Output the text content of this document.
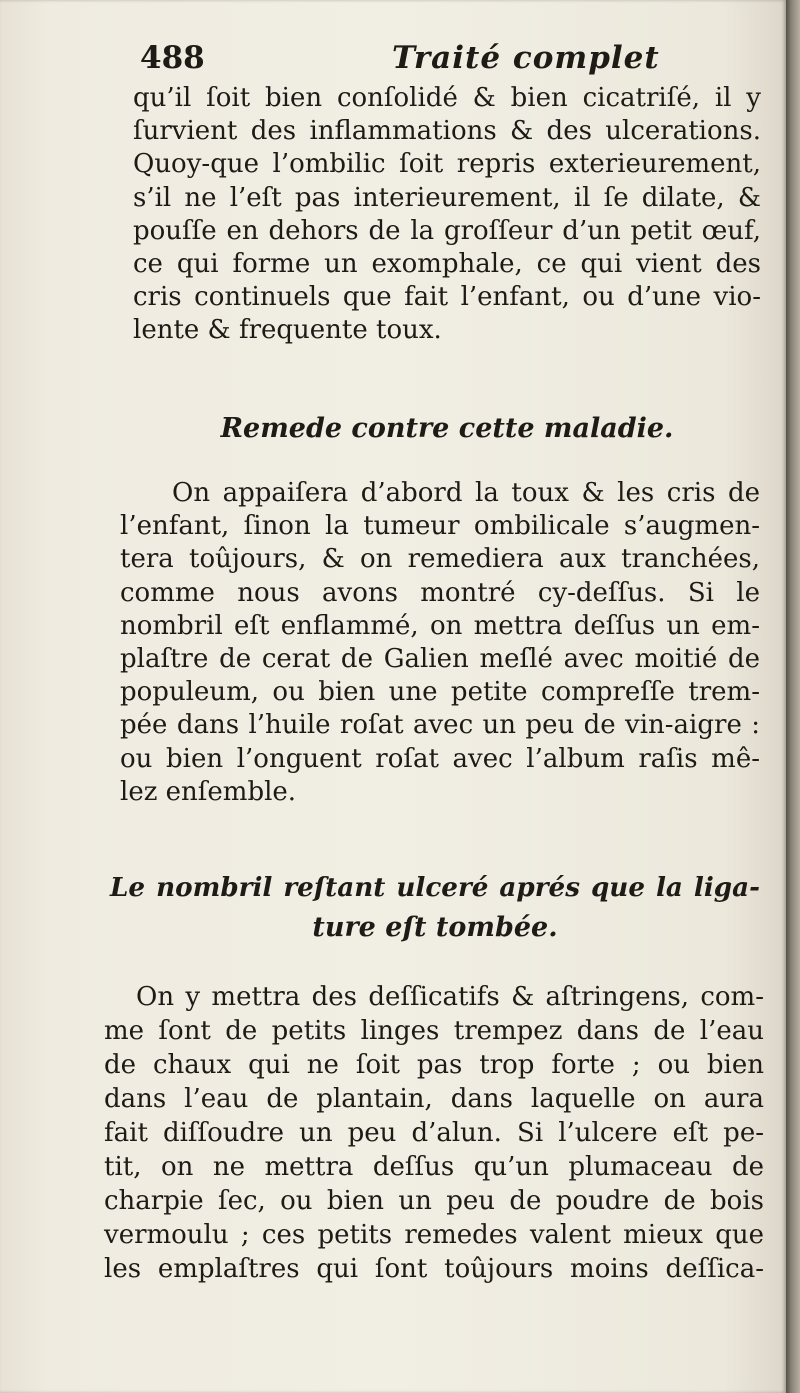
488	Traité complet
qu’il ſoit bien conſolidé & bien cicatriſé, il y
ſurvient des inflammations & des ulcerations.
Quoy-que l’ombilic ſoit repris exterieurement,
s’il ne l’eſt pas interieurement, il ſe dilate, &
pouſſe en dehors de la groſſeur d’un petit œuf,
ce qui forme un exomphale, ce qui vient des
cris continuels que fait l’enfant, ou d’une vio-
lente & frequente toux.
Remede contre cette maladie.
On appaiſera d’abord la toux & les cris de
l’enfant, ſinon la tumeur ombilicale s’augmen-
tera toûjours, & on remediera aux tranchées,
comme nous avons montré cy-deſſus. Si le
nombril eſt enflammé, on mettra deſſus un em-
plaſtre de cerat de Galien meſlé avec moitié de
populeum, ou bien une petite compreſſe trem-
pée dans l’huile roſat avec un peu de vin-aigre :
ou bien l’onguent roſat avec l’album raſis mê-
lez enſemble.
Le nombril reſtant ulceré aprés que la liga-
ture eſt tombée.
On y mettra des deſſicatifs & aſtringens, com-
me ſont de petits linges trempez dans de l’eau
de chaux qui ne ſoit pas trop forte ; ou bien
dans l’eau de plantain, dans laquelle on aura
fait diſſoudre un peu d’alun. Si l’ulcere eſt pe-
tit, on ne mettra deſſus qu’un plumaceau de
charpie ſec, ou bien un peu de poudre de bois
vermoulu ; ces petits remedes valent mieux que
les emplaſtres qui ſont toûjours moins deſſica-
